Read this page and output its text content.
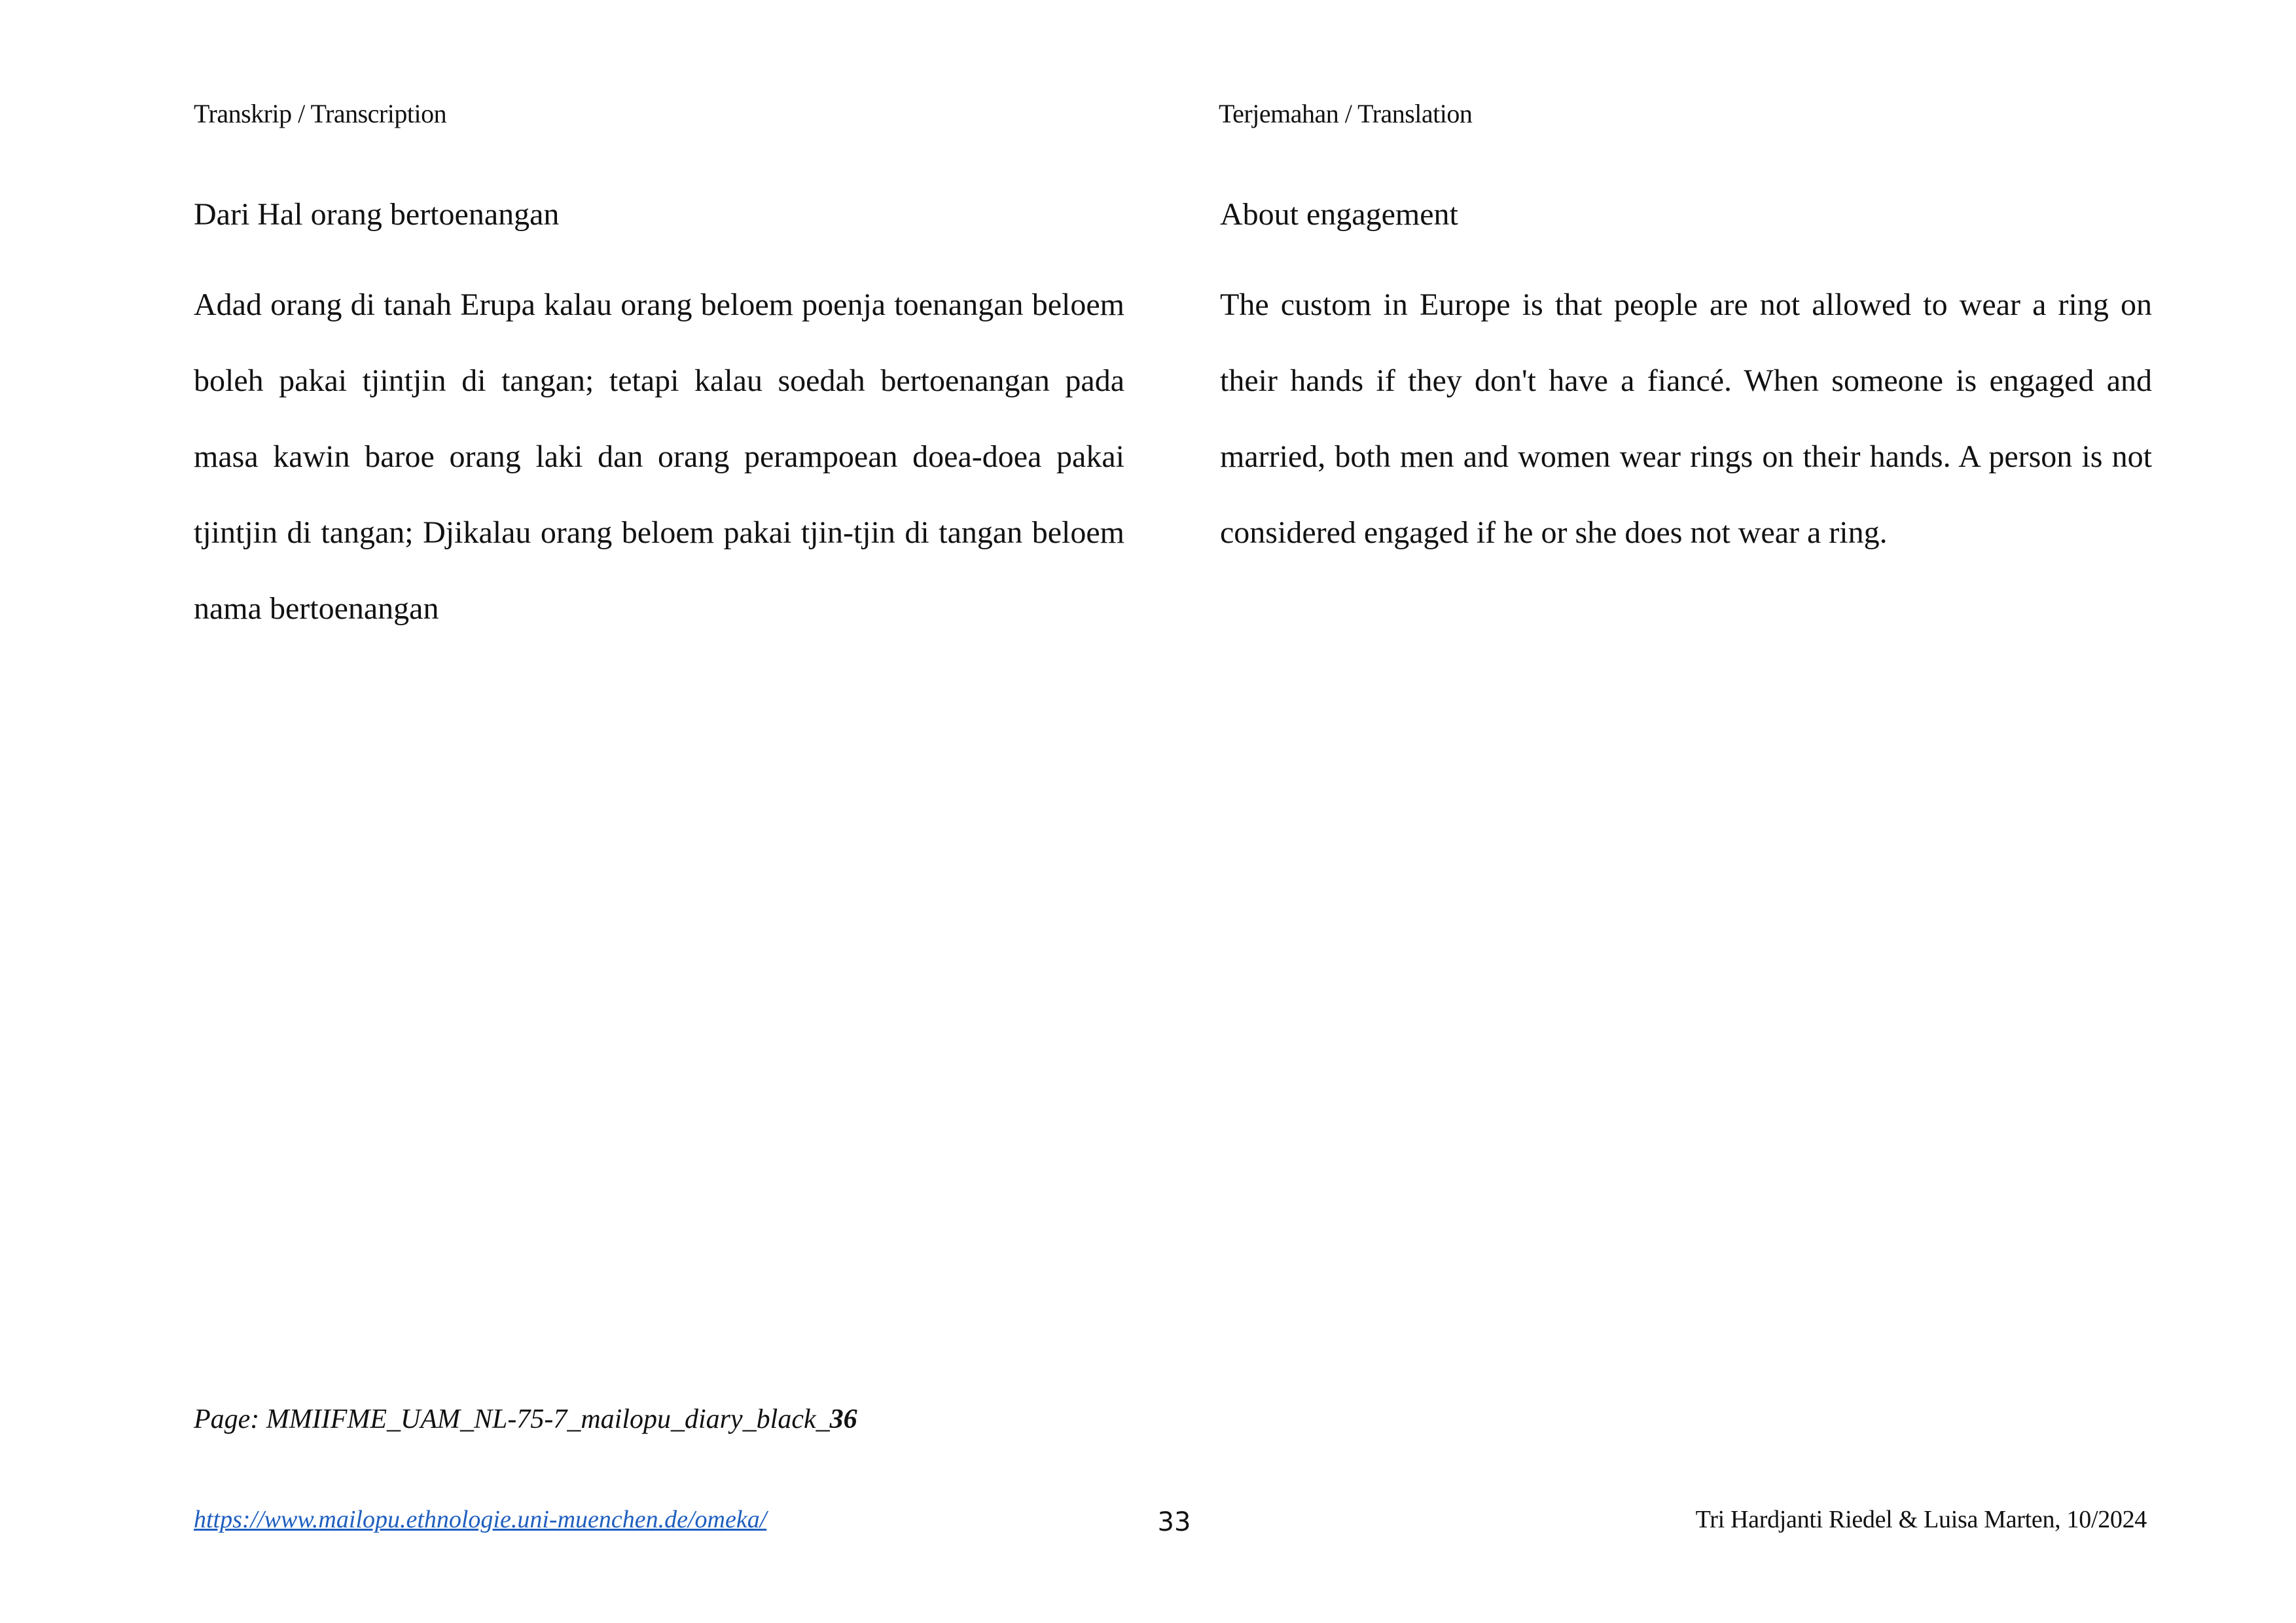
Transkrip / Transcription	Terjemahan / Translation
Dari Hal orang bertoenangan

Adad orang di tanah Erupa kalau orang beloem poenja toenangan beloem boleh pakai tjintjin di tangan; tetapi kalau soedah bertoenangan pada masa kawin baroe orang laki dan orang perampoean doea-doea pakai tjintjin di tangan; Djikalau orang beloem pakai tjin-tjin di tangan beloem nama bertoenangan

About engagement

The custom in Europe is that people are not allowed to wear a ring on their hands if they don't have a fiancé. When someone is engaged and married, both men and women wear rings on their hands. A person is not considered engaged if he or she does not wear a ring.

Page: MMIIFME_UAM_NL-75-7_mailopu_diary_black_36
https://www.mailopu.ethnologie.uni-muenchen.de/omeka/	33	Tri Hardjanti Riedel & Luisa Marten, 10/2024
